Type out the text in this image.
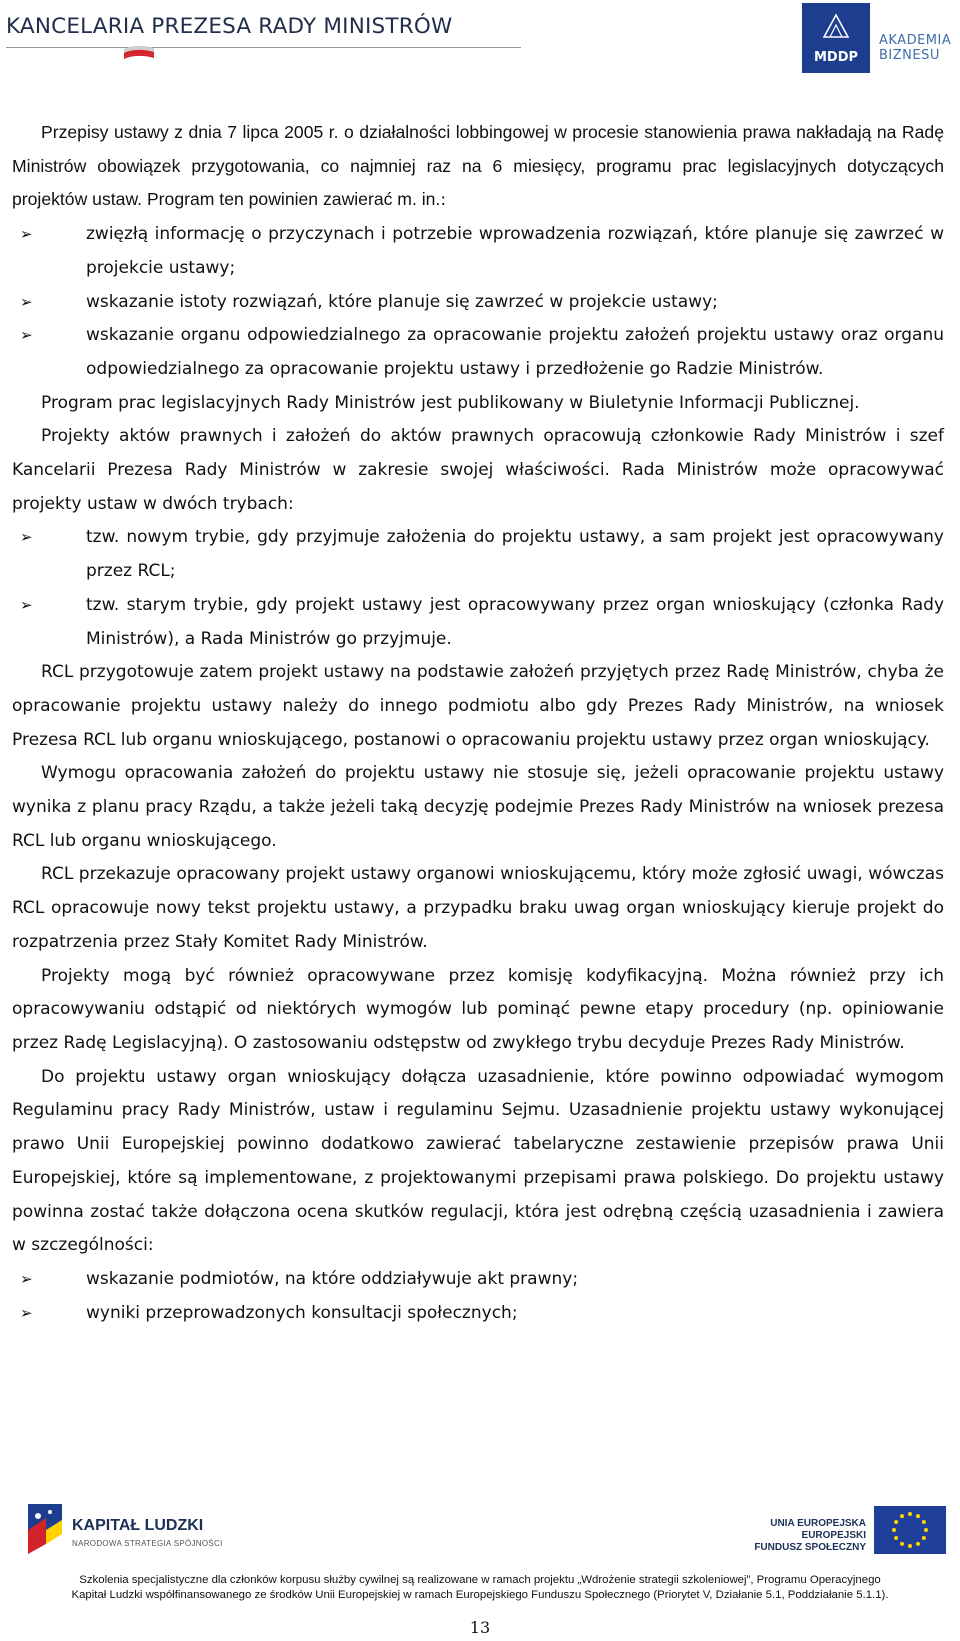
KANCELARIA PREZESA RADY MINISTRÓW
MDDP
AKADEMIA
BIZNESU

Przepisy ustawy z dnia 7 lipca 2005 r. o działalności lobbingowej w procesie stanowienia prawa nakładają na Radę Ministrów obowiązek przygotowania, co najmniej raz na 6 miesięcy, programu prac legislacyjnych dotyczących projektów ustaw. Program ten powinien zawierać m. in.:

➢	zwięzłą informację o przyczynach i potrzebie wprowadzenia rozwiązań, które planuje się zawrzeć w projekcie ustawy;
➢	wskazanie istoty rozwiązań, które planuje się zawrzeć w projekcie ustawy;
➢	wskazanie organu odpowiedzialnego za opracowanie projektu założeń projektu ustawy oraz organu odpowiedzialnego za opracowanie projektu ustawy i przedłożenie go Radzie Ministrów.

Program prac legislacyjnych Rady Ministrów jest publikowany w Biuletynie Informacji Publicznej.

Projekty aktów prawnych i założeń do aktów prawnych opracowują członkowie Rady Ministrów i szef Kancelarii Prezesa Rady Ministrów w zakresie swojej właściwości. Rada Ministrów może opracowywać projekty ustaw w dwóch trybach:

➢	tzw. nowym trybie, gdy przyjmuje założenia do projektu ustawy, a sam projekt jest opracowywany przez RCL;
➢	tzw. starym trybie, gdy projekt ustawy jest opracowywany przez organ wnioskujący (członka Rady Ministrów), a Rada Ministrów go przyjmuje.

RCL przygotowuje zatem projekt ustawy na podstawie założeń przyjętych przez Radę Ministrów, chyba że opracowanie projektu ustawy należy do innego podmiotu albo gdy Prezes Rady Ministrów, na wniosek Prezesa RCL lub organu wnioskującego, postanowi o opracowaniu projektu ustawy przez organ wnioskujący.

Wymogu opracowania założeń do projektu ustawy nie stosuje się, jeżeli opracowanie projektu ustawy wynika z planu pracy Rządu, a także jeżeli taką decyzję podejmie Prezes Rady Ministrów na wniosek prezesa RCL lub organu wnioskującego.

RCL przekazuje opracowany projekt ustawy organowi wnioskującemu, który może zgłosić uwagi, wówczas RCL opracowuje nowy tekst projektu ustawy, a przypadku braku uwag organ wnioskujący kieruje projekt do rozpatrzenia przez Stały Komitet Rady Ministrów.

Projekty mogą być również opracowywane przez komisję kodyfikacyjną. Można również przy ich opracowywaniu odstąpić od niektórych wymogów lub pominąć pewne etapy procedury (np. opiniowanie przez Radę Legislacyjną). O zastosowaniu odstępstw od zwykłego trybu decyduje Prezes Rady Ministrów.

Do projektu ustawy organ wnioskujący dołącza uzasadnienie, które powinno odpowiadać wymogom Regulaminu pracy Rady Ministrów, ustaw i regulaminu Sejmu. Uzasadnienie projektu ustawy wykonującej prawo Unii Europejskiej powinno dodatkowo zawierać tabelaryczne zestawienie przepisów prawa Unii Europejskiej, które są implementowane, z projektowanymi przepisami prawa polskiego. Do projektu ustawy powinna zostać także dołączona ocena skutków regulacji, która jest odrębną częścią uzasadnienia i zawiera w szczególności:

➢	wskazanie podmiotów, na które oddziaływuje akt prawny;
➢	wyniki przeprowadzonych konsultacji społecznych;
KAPITAŁ LUDZKI
NARODOWA STRATEGIA SPÓJNOŚCI
UNIA EUROPEJSKA
EUROPEJSKI
FUNDUSZ SPOŁECZNY
Szkolenia specjalistyczne dla członków korpusu służby cywilnej są realizowane w ramach projektu „Wdrożenie strategii szkoleniowej”, Programu Operacyjnego
Kapitał Ludzki współfinansowanego ze środków Unii Europejskiej w ramach Europejskiego Funduszu Społecznego (Priorytet V, Działanie 5.1, Poddziałanie 5.1.1).
13
